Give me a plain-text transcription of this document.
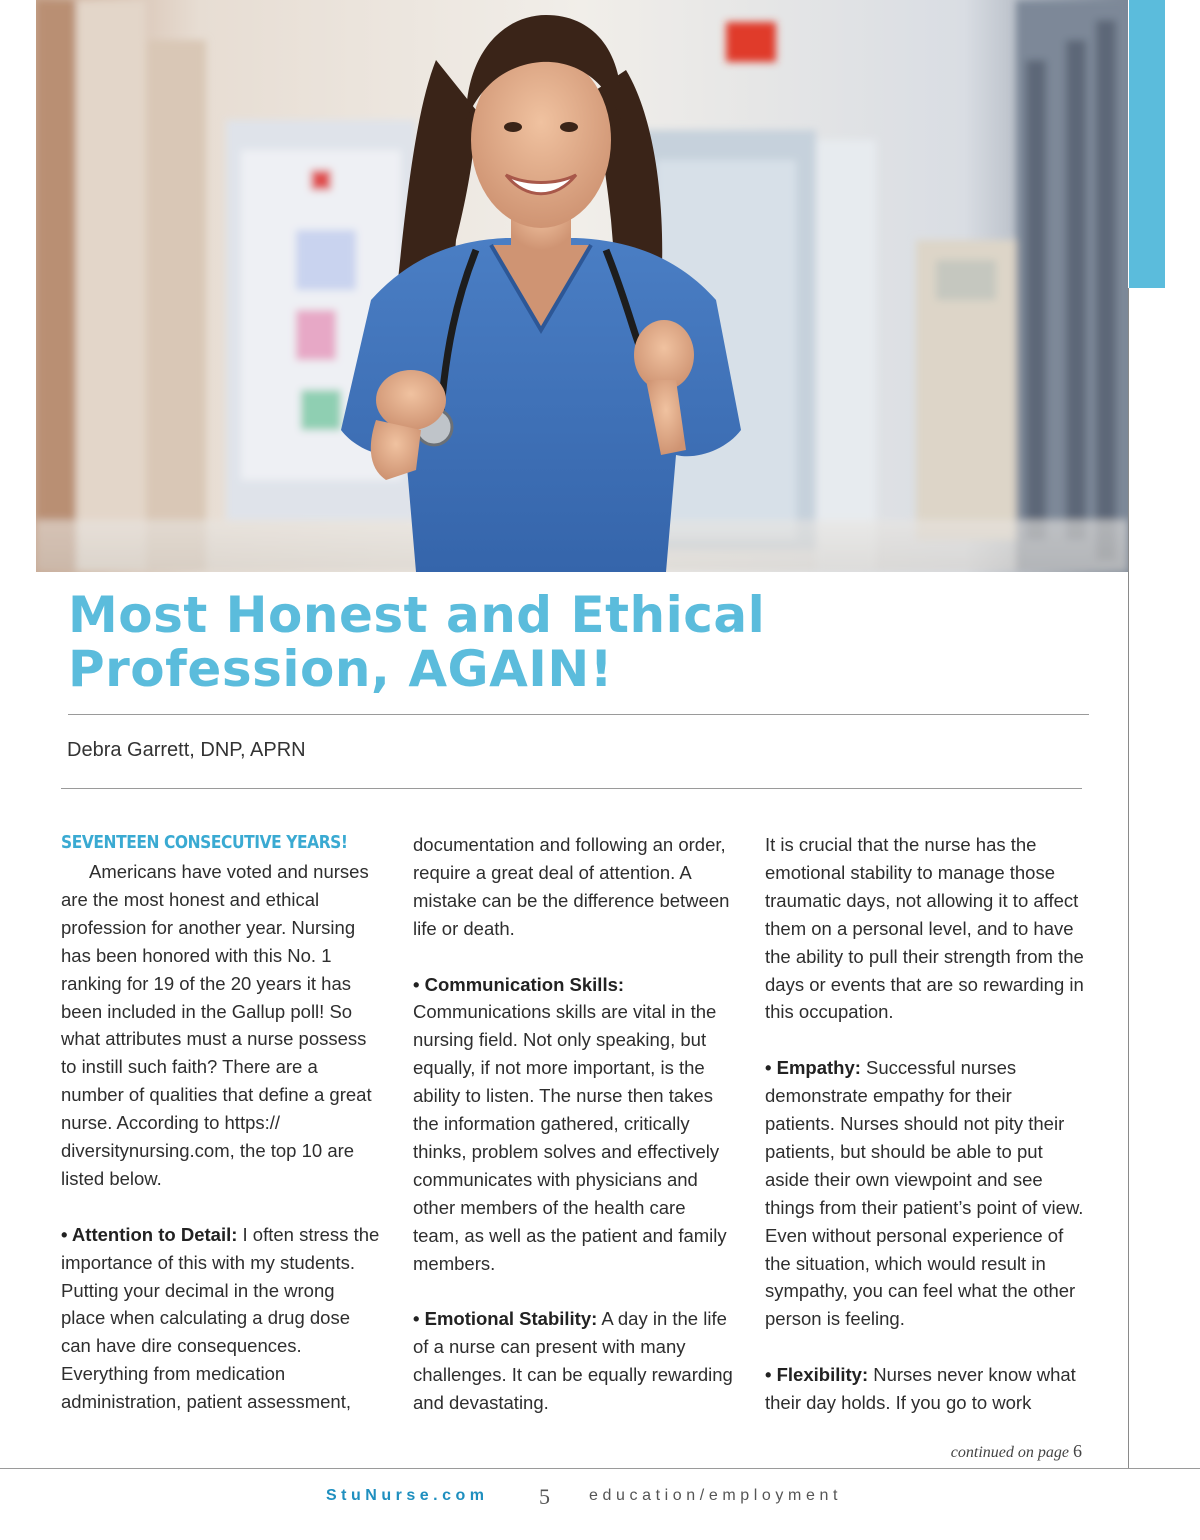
Most Honest and Ethical
Profession, AGAIN!

Debra Garrett, DNP, APRN

SEVENTEEN CONSECUTIVE YEARS!

Americans have voted and nurses are the most honest and ethical profession for another year. Nursing has been honored with this No. 1 ranking for 19 of the 20 years it has been included in the Gallup poll! So what attributes must a nurse possess to instill such faith? There are a number of qualities that define a great nurse. According to https:// diversitynursing.com, the top 10 are listed below.

• Attention to Detail: I often stress the importance of this with my students. Putting your decimal in the wrong place when calculating a drug dose can have dire consequences. Everything from medication administration, patient assessment,

documentation and following an order, require a great deal of attention. A mistake can be the difference between life or death.

• Communication Skills:

Communications skills are vital in the nursing field. Not only speaking, but equally, if not more important, is the ability to listen. The nurse then takes the information gathered, critically thinks, problem solves and effectively communicates with physicians and other members of the health care team, as well as the patient and family members.

• Emotional Stability: A day in the life of a nurse can present with many challenges. It can be equally rewarding and devastating.

It is crucial that the nurse has the emotional stability to manage those traumatic days, not allowing it to affect them on a personal level, and to have the ability to pull their strength from the days or events that are so rewarding in this occupation.

• Empathy: Successful nurses demonstrate empathy for their patients. Nurses should not pity their patients, but should be able to put aside their own viewpoint and see things from their patient’s point of view. Even without personal experience of the situation, which would result in sympathy, you can feel what the other person is feeling.

• Flexibility: Nurses never know what their day holds. If you go to work

continued on page 6
StuNurse.com 5 education/employment
